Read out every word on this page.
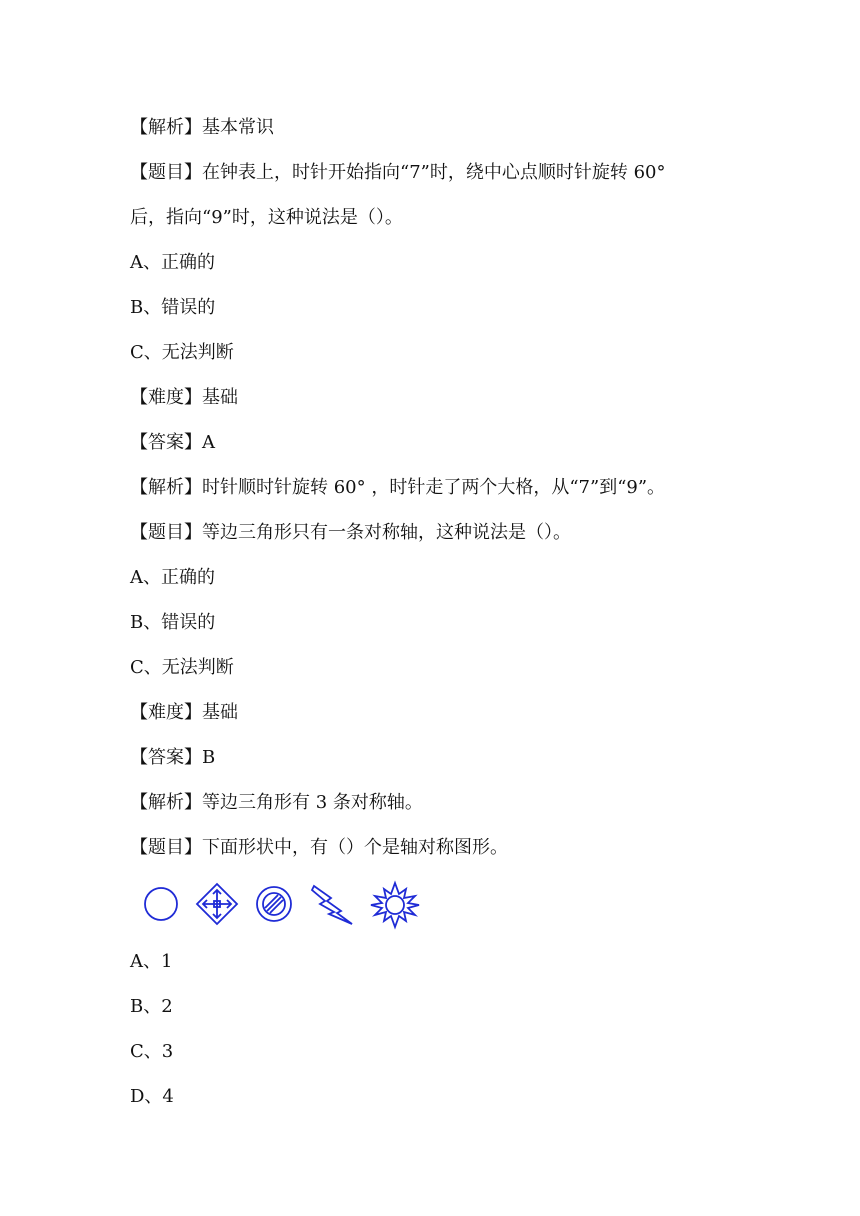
【解析】基本常识
【题目】在钟表上，时针开始指向“7”时，绕中心点顺时针旋转 60°
后，指向“9”时，这种说法是（）。
A、正确的
B、错误的
C、无法判断
【难度】基础
【答案】A
【解析】时针顺时针旋转 60° ，时针走了两个大格，从“7”到“9”。
【题目】等边三角形只有一条对称轴，这种说法是（）。
A、正确的
B、错误的
C、无法判断
【难度】基础
【答案】B
【解析】等边三角形有 3 条对称轴。
【题目】下面形状中，有（）个是轴对称图形。
A、1
B、2
C、3
D、4
